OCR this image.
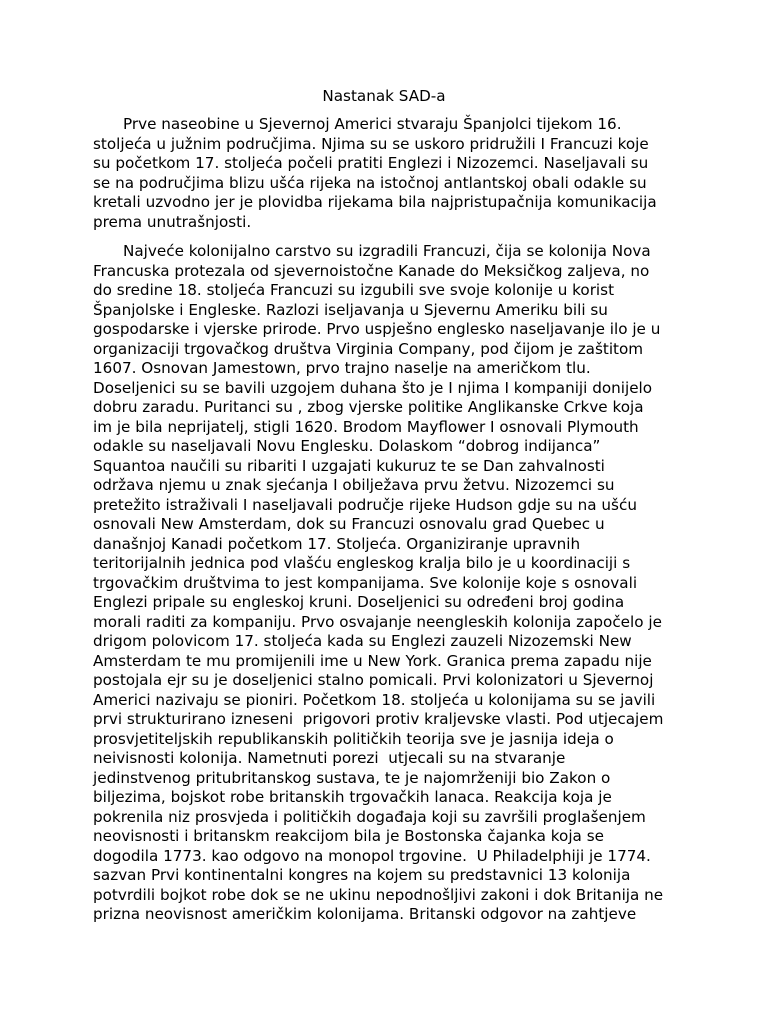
Nastanak SAD-a
Prve naseobine u Sjevernoj Americi stvaraju Španjolci tijekom 16.
stoljeća u južnim područjima. Njima su se uskoro pridružili I Francuzi koje
su početkom 17. stoljeća počeli pratiti Englezi i Nizozemci. Naseljavali su
se na područjima blizu ušća rijeka na istočnoj antlantskoj obali odakle su
kretali uzvodno jer je plovidba rijekama bila najpristupačnija komunikacija
prema unutrašnjosti.
Najveće kolonijalno carstvo su izgradili Francuzi, čija se kolonija Nova
Francuska protezala od sjevernoistočne Kanade do Meksičkog zaljeva, no
do sredine 18. stoljeća Francuzi su izgubili sve svoje kolonije u korist
Španjolske i Engleske. Razlozi iseljavanja u Sjevernu Ameriku bili su
gospodarske i vjerske prirode. Prvo uspješno englesko naseljavanje ilo je u
organizaciji trgovačkog društva Virginia Company, pod čijom je zaštitom
1607. Osnovan Jamestown, prvo trajno naselje na američkom tlu.
Doseljenici su se bavili uzgojem duhana što je I njima I kompaniji donijelo
dobru zaradu. Puritanci su , zbog vjerske politike Anglikanske Crkve koja
im je bila neprijatelj, stigli 1620. Brodom Mayflower I osnovali Plymouth
odakle su naseljavali Novu Englesku. Dolaskom “dobrog indijanca”
Squantoa naučili su ribariti I uzgajati kukuruz te se Dan zahvalnosti
održava njemu u znak sjećanja I obilježava prvu žetvu. Nizozemci su
pretežito istraživali I naseljavali područje rijeke Hudson gdje su na ušću
osnovali New Amsterdam, dok su Francuzi osnovalu grad Quebec u
današnjoj Kanadi početkom 17. Stoljeća. Organiziranje upravnih
teritorijalnih jednica pod vlašću engleskog kralja bilo je u koordinaciji s
trgovačkim društvima to jest kompanijama. Sve kolonije koje s osnovali
Englezi pripale su engleskoj kruni. Doseljenici su određeni broj godina
morali raditi za kompaniju. Prvo osvajanje neengleskih kolonija započelo je
drigom polovicom 17. stoljeća kada su Englezi zauzeli Nizozemski New
Amsterdam te mu promijenili ime u New York. Granica prema zapadu nije
postojala ejr su je doseljenici stalno pomicali. Prvi kolonizatori u Sjevernoj
Americi nazivaju se pioniri. Početkom 18. stoljeća u kolonijama su se javili
prvi strukturirano izneseni  prigovori protiv kraljevske vlasti. Pod utjecajem
prosvjetiteljskih republikanskih političkih teorija sve je jasnija ideja o
neivisnosti kolonija. Nametnuti porezi  utjecali su na stvaranje
jedinstvenog pritubritanskog sustava, te je najomrženiji bio Zakon o
biljezima, bojskot robe britanskih trgovačkih lanaca. Reakcija koja je
pokrenila niz prosvjeda i političkih događaja koji su završili proglašenjem
neovisnosti i britanskm reakcijom bila je Bostonska čajanka koja se
dogodila 1773. kao odgovo na monopol trgovine.  U Philadelphiji je 1774.
sazvan Prvi kontinentalni kongres na kojem su predstavnici 13 kolonija
potvrdili bojkot robe dok se ne ukinu nepodnošljivi zakoni i dok Britanija ne
prizna neovisnost američkim kolonijama. Britanski odgovor na zahtjeve
